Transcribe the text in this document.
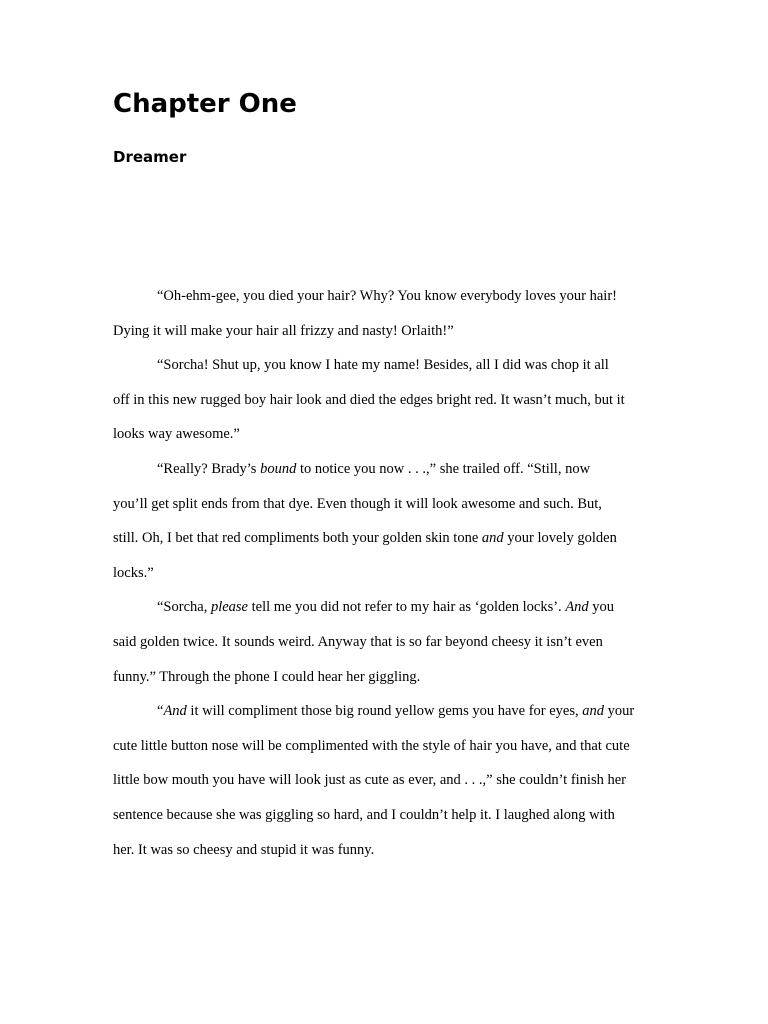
Chapter One
Dreamer

“Oh-ehm-gee, you died your hair? Why? You know everybody loves your hair!
Dying it will make your hair all frizzy and nasty! Orlaith!”

“Sorcha! Shut up, you know I hate my name! Besides, all I did was chop it all
off in this new rugged boy hair look and died the edges bright red. It wasn’t much, but it
looks way awesome.”

“Really? Brady’s bound to notice you now . . .,” she trailed off. “Still, now
you’ll get split ends from that dye. Even though it will look awesome and such. But,
still. Oh, I bet that red compliments both your golden skin tone and your lovely golden
locks.”

“Sorcha, please tell me you did not refer to my hair as ‘golden locks’. And you
said golden twice. It sounds weird. Anyway that is so far beyond cheesy it isn’t even
funny.” Through the phone I could hear her giggling.

“And it will compliment those big round yellow gems you have for eyes, and your
cute little button nose will be complimented with the style of hair you have, and that cute
little bow mouth you have will look just as cute as ever, and . . .,” she couldn’t finish her
sentence because she was giggling so hard, and I couldn’t help it. I laughed along with
her. It was so cheesy and stupid it was funny.
